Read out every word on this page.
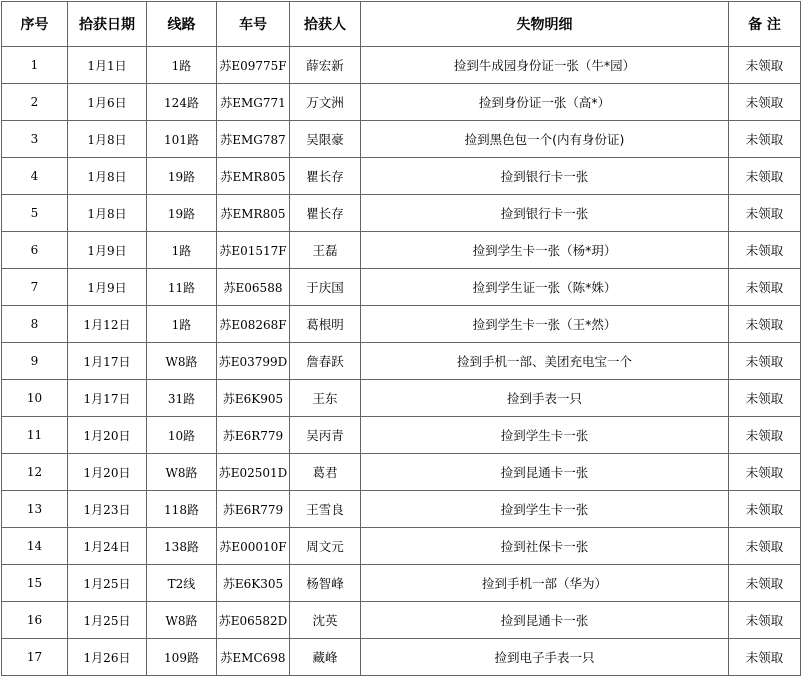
序号	拾获日期	线路	车号	拾获人	失物明细	备 注
1	1月1日	1路	苏E09775F	薛宏新	捡到牛成园身份证一张（牛*园）	未领取
2	1月6日	124路	苏EMG771	万文洲	捡到身份证一张（高*）	未领取
3	1月8日	101路	苏EMG787	吴限豪	捡到黑色包一个(内有身份证)	未领取
4	1月8日	19路	苏EMR805	瞿长存	捡到银行卡一张	未领取
5	1月8日	19路	苏EMR805	瞿长存	捡到银行卡一张	未领取
6	1月9日	1路	苏E01517F	王磊	捡到学生卡一张（杨*玥）	未领取
7	1月9日	11路	苏E06588	于庆国	捡到学生证一张（陈*姝）	未领取
8	1月12日	1路	苏E08268F	葛根明	捡到学生卡一张（王*然）	未领取
9	1月17日	W8路	苏E03799D	詹春跃	捡到手机一部、美团充电宝一个	未领取
10	1月17日	31路	苏E6K905	王东	捡到手表一只	未领取
11	1月20日	10路	苏E6R779	吴丙青	捡到学生卡一张	未领取
12	1月20日	W8路	苏E02501D	葛君	捡到昆通卡一张	未领取
13	1月23日	118路	苏E6R779	王雪良	捡到学生卡一张	未领取
14	1月24日	138路	苏E00010F	周文元	捡到社保卡一张	未领取
15	1月25日	T2线	苏E6K305	杨智峰	捡到手机一部（华为）	未领取
16	1月25日	W8路	苏E06582D	沈英	捡到昆通卡一张	未领取
17	1月26日	109路	苏EMC698	藏峰	捡到电子手表一只	未领取
